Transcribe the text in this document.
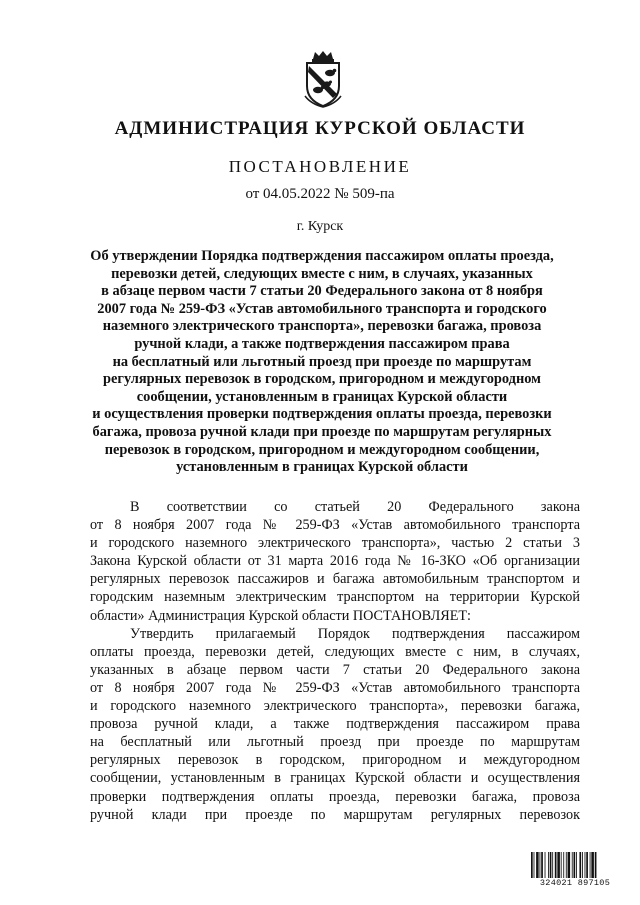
АДМИНИСТРАЦИЯ КУРСКОЙ ОБЛАСТИ
ПОСТАНОВЛЕНИЕ
от 04.05.2022 № 509-па
г. Курск
Об утверждении Порядка подтверждения пассажиром оплаты проезда,
перевозки детей, следующих вместе с ним, в случаях, указанных
в абзаце первом части 7 статьи 20 Федерального закона от 8 ноября
2007 года № 259-ФЗ «Устав автомобильного транспорта и городского
наземного электрического транспорта», перевозки багажа, провоза
ручной клади, а также подтверждения пассажиром права
на бесплатный или льготный проезд при проезде по маршрутам
регулярных перевозок в городском, пригородном и междугородном
сообщении, установленным в границах Курской области
и осуществления проверки подтверждения оплаты проезда, перевозки
багажа, провоза ручной клади при проезде по маршрутам регулярных
перевозок в городском, пригородном и междугородном сообщении,
установленным в границах Курской области
В соответствии со статьей 20 Федерального закона
от 8 ноября 2007 года № 259-ФЗ «Устав автомобильного транспорта
и городского наземного электрического транспорта», частью 2 статьи 3
Закона Курской области от 31 марта 2016 года № 16-ЗКО «Об организации
регулярных перевозок пассажиров и багажа автомобильным транспортом и
городским наземным электрическим транспортом на территории Курской
области» Администрация Курской области ПОСТАНОВЛЯЕТ:
Утвердить прилагаемый Порядок подтверждения пассажиром
оплаты проезда, перевозки детей, следующих вместе с ним, в случаях,
указанных в абзаце первом части 7 статьи 20 Федерального закона
от 8 ноября 2007 года № 259-ФЗ «Устав автомобильного транспорта
и городского наземного электрического транспорта», перевозки багажа,
провоза ручной клади, а также подтверждения пассажиром права
на бесплатный или льготный проезд при проезде по маршрутам
регулярных перевозок в городском, пригородном и междугородном
сообщении, установленным в границах Курской области и осуществления
проверки подтверждения оплаты проезда, перевозки багажа, провоза
ручной клади при проезде по маршрутам регулярных перевозок
324021 897105
